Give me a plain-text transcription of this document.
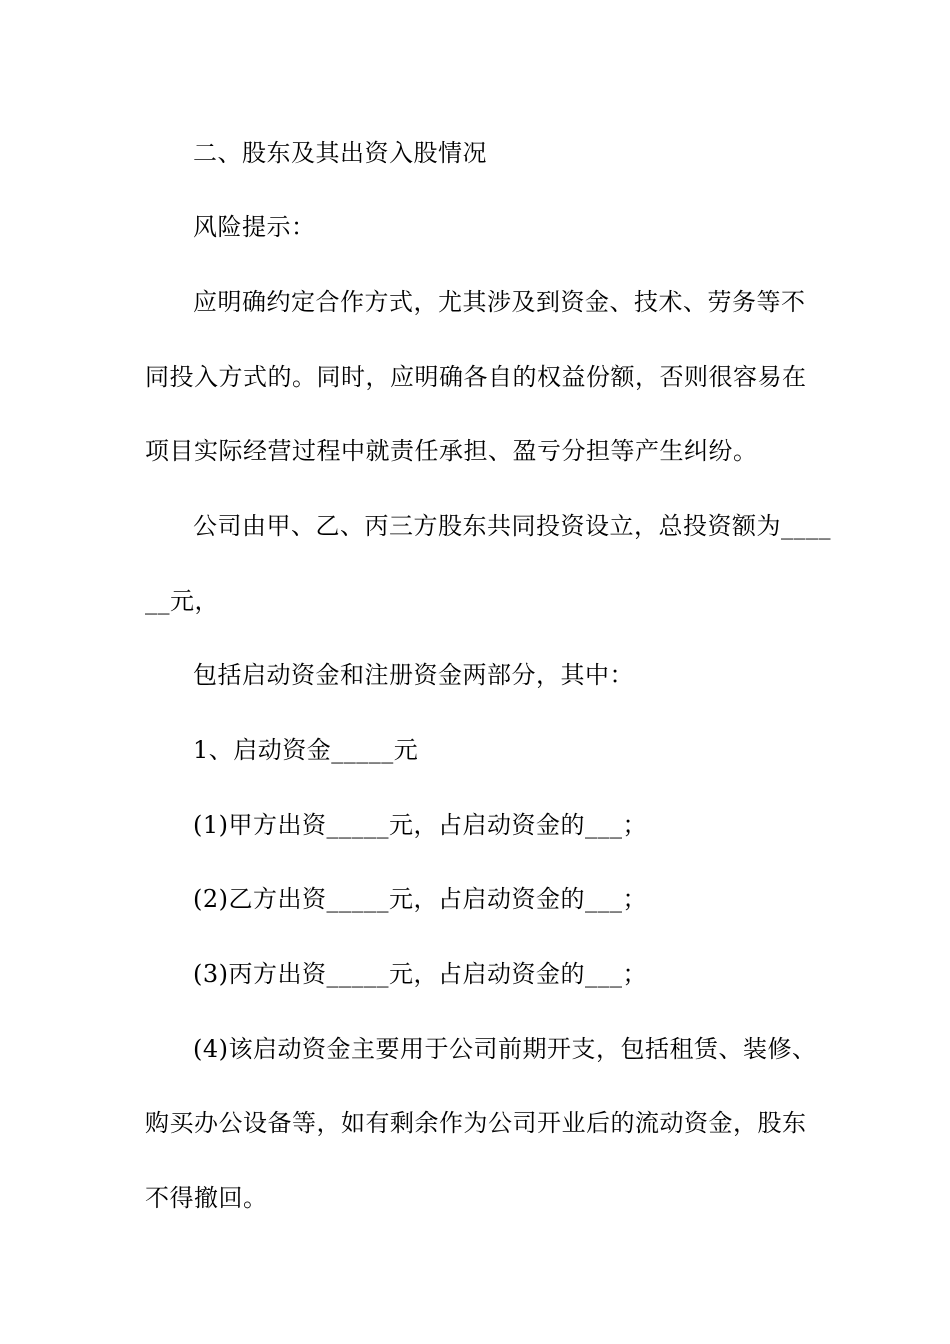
二、股东及其出资入股情况
风险提示：
应明确约定合作方式，尤其涉及到资金、技术、劳务等不
同投入方式的。同时，应明确各自的权益份额，否则很容易在
项目实际经营过程中就责任承担、盈亏分担等产生纠纷。
公司由甲、乙、丙三方股东共同投资设立，总投资额为____
__元，
包括启动资金和注册资金两部分，其中：
1、启动资金_____元
(1)甲方出资_____元，占启动资金的___；
(2)乙方出资_____元，占启动资金的___；
(3)丙方出资_____元，占启动资金的___；
(4)该启动资金主要用于公司前期开支，包括租赁、装修、
购买办公设备等，如有剩余作为公司开业后的流动资金，股东
不得撤回。
